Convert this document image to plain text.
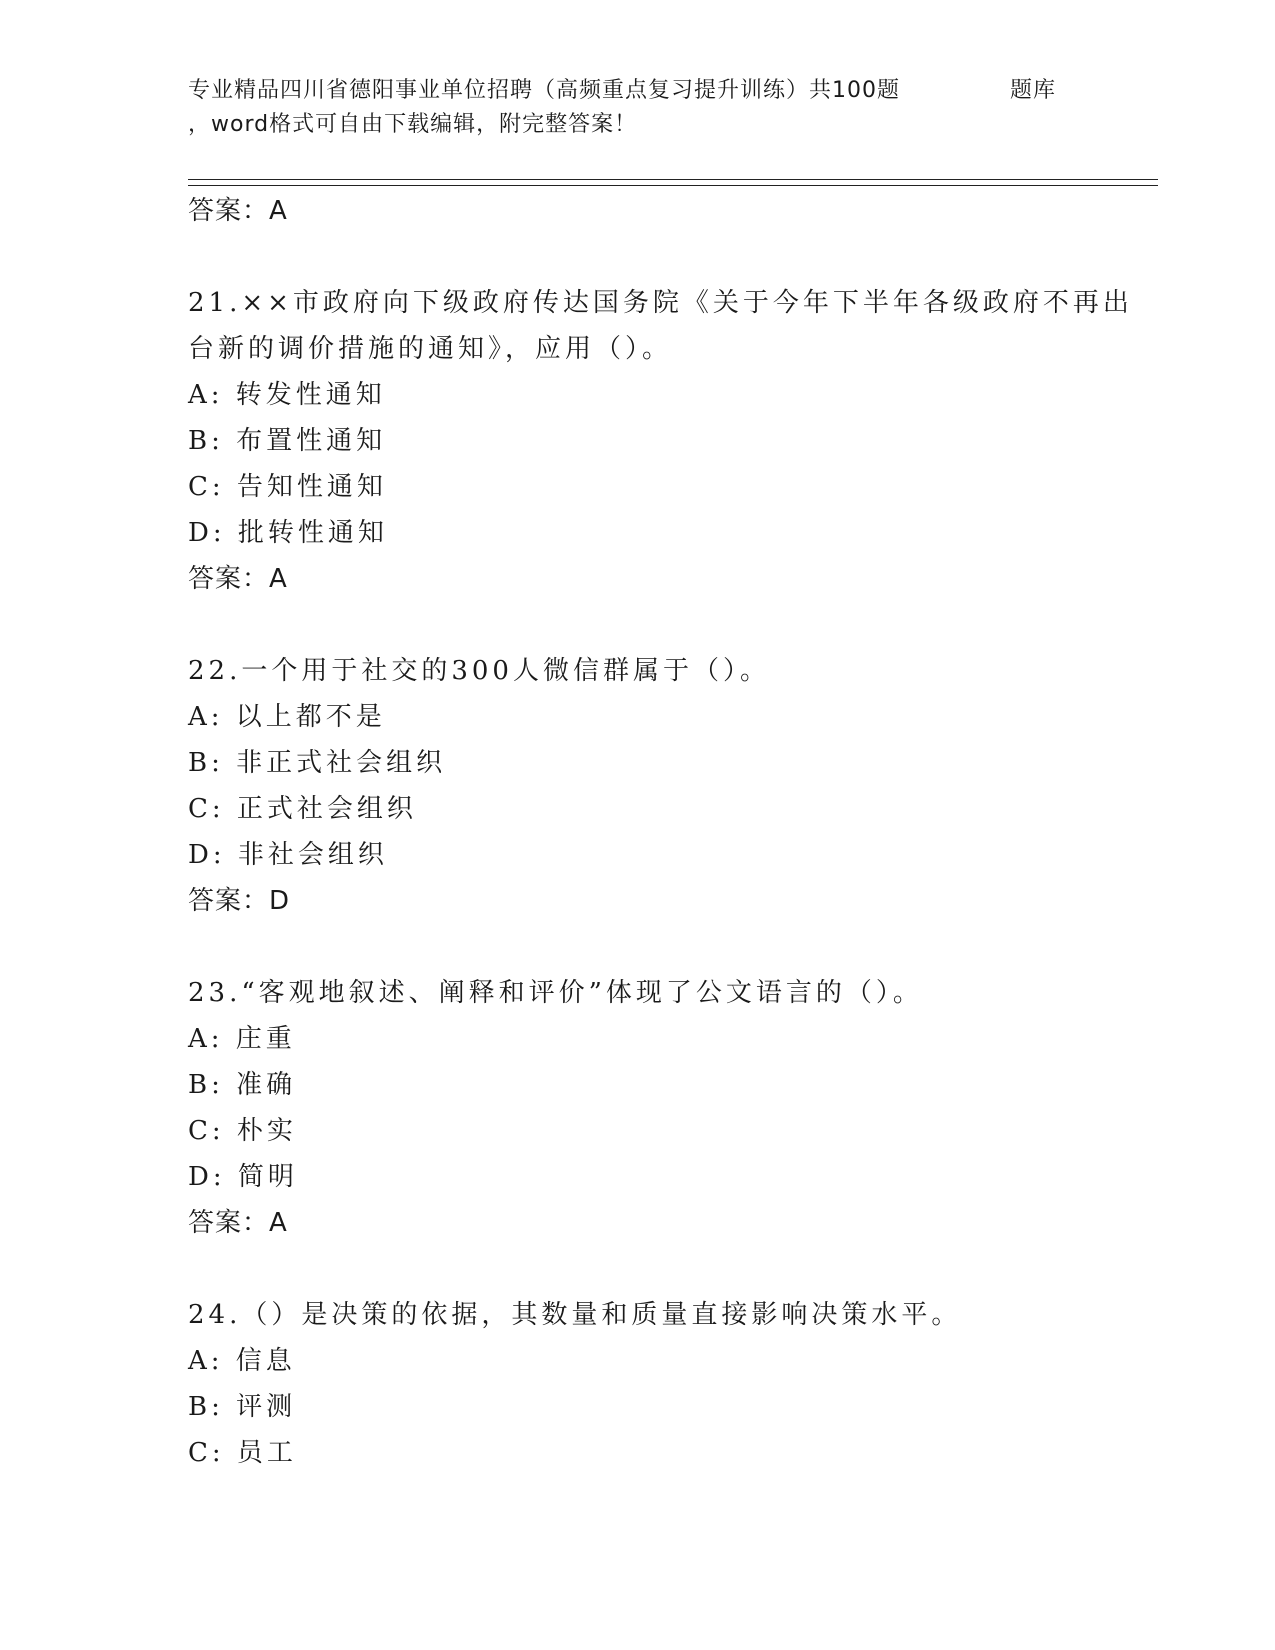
专业精品四川省德阳事业单位招聘（高频重点复习提升训练）共100题	题库
，word格式可自由下载编辑，附完整答案！
答案：A
21.××市政府向下级政府传达国务院《关于今年下半年各级政府不再出台新的调价措施的通知》，应用（）。
A: 转发性通知
B: 布置性通知
C: 告知性通知
D: 批转性通知
答案：A
22.一个用于社交的300人微信群属于（）。
A: 以上都不是
B: 非正式社会组织
C: 正式社会组织
D: 非社会组织
答案：D
23.“客观地叙述、阐释和评价”体现了公文语言的（）。
A: 庄重
B: 准确
C: 朴实
D: 简明
答案：A
24.（）是决策的依据，其数量和质量直接影响决策水平。
A: 信息
B: 评测
C: 员工
